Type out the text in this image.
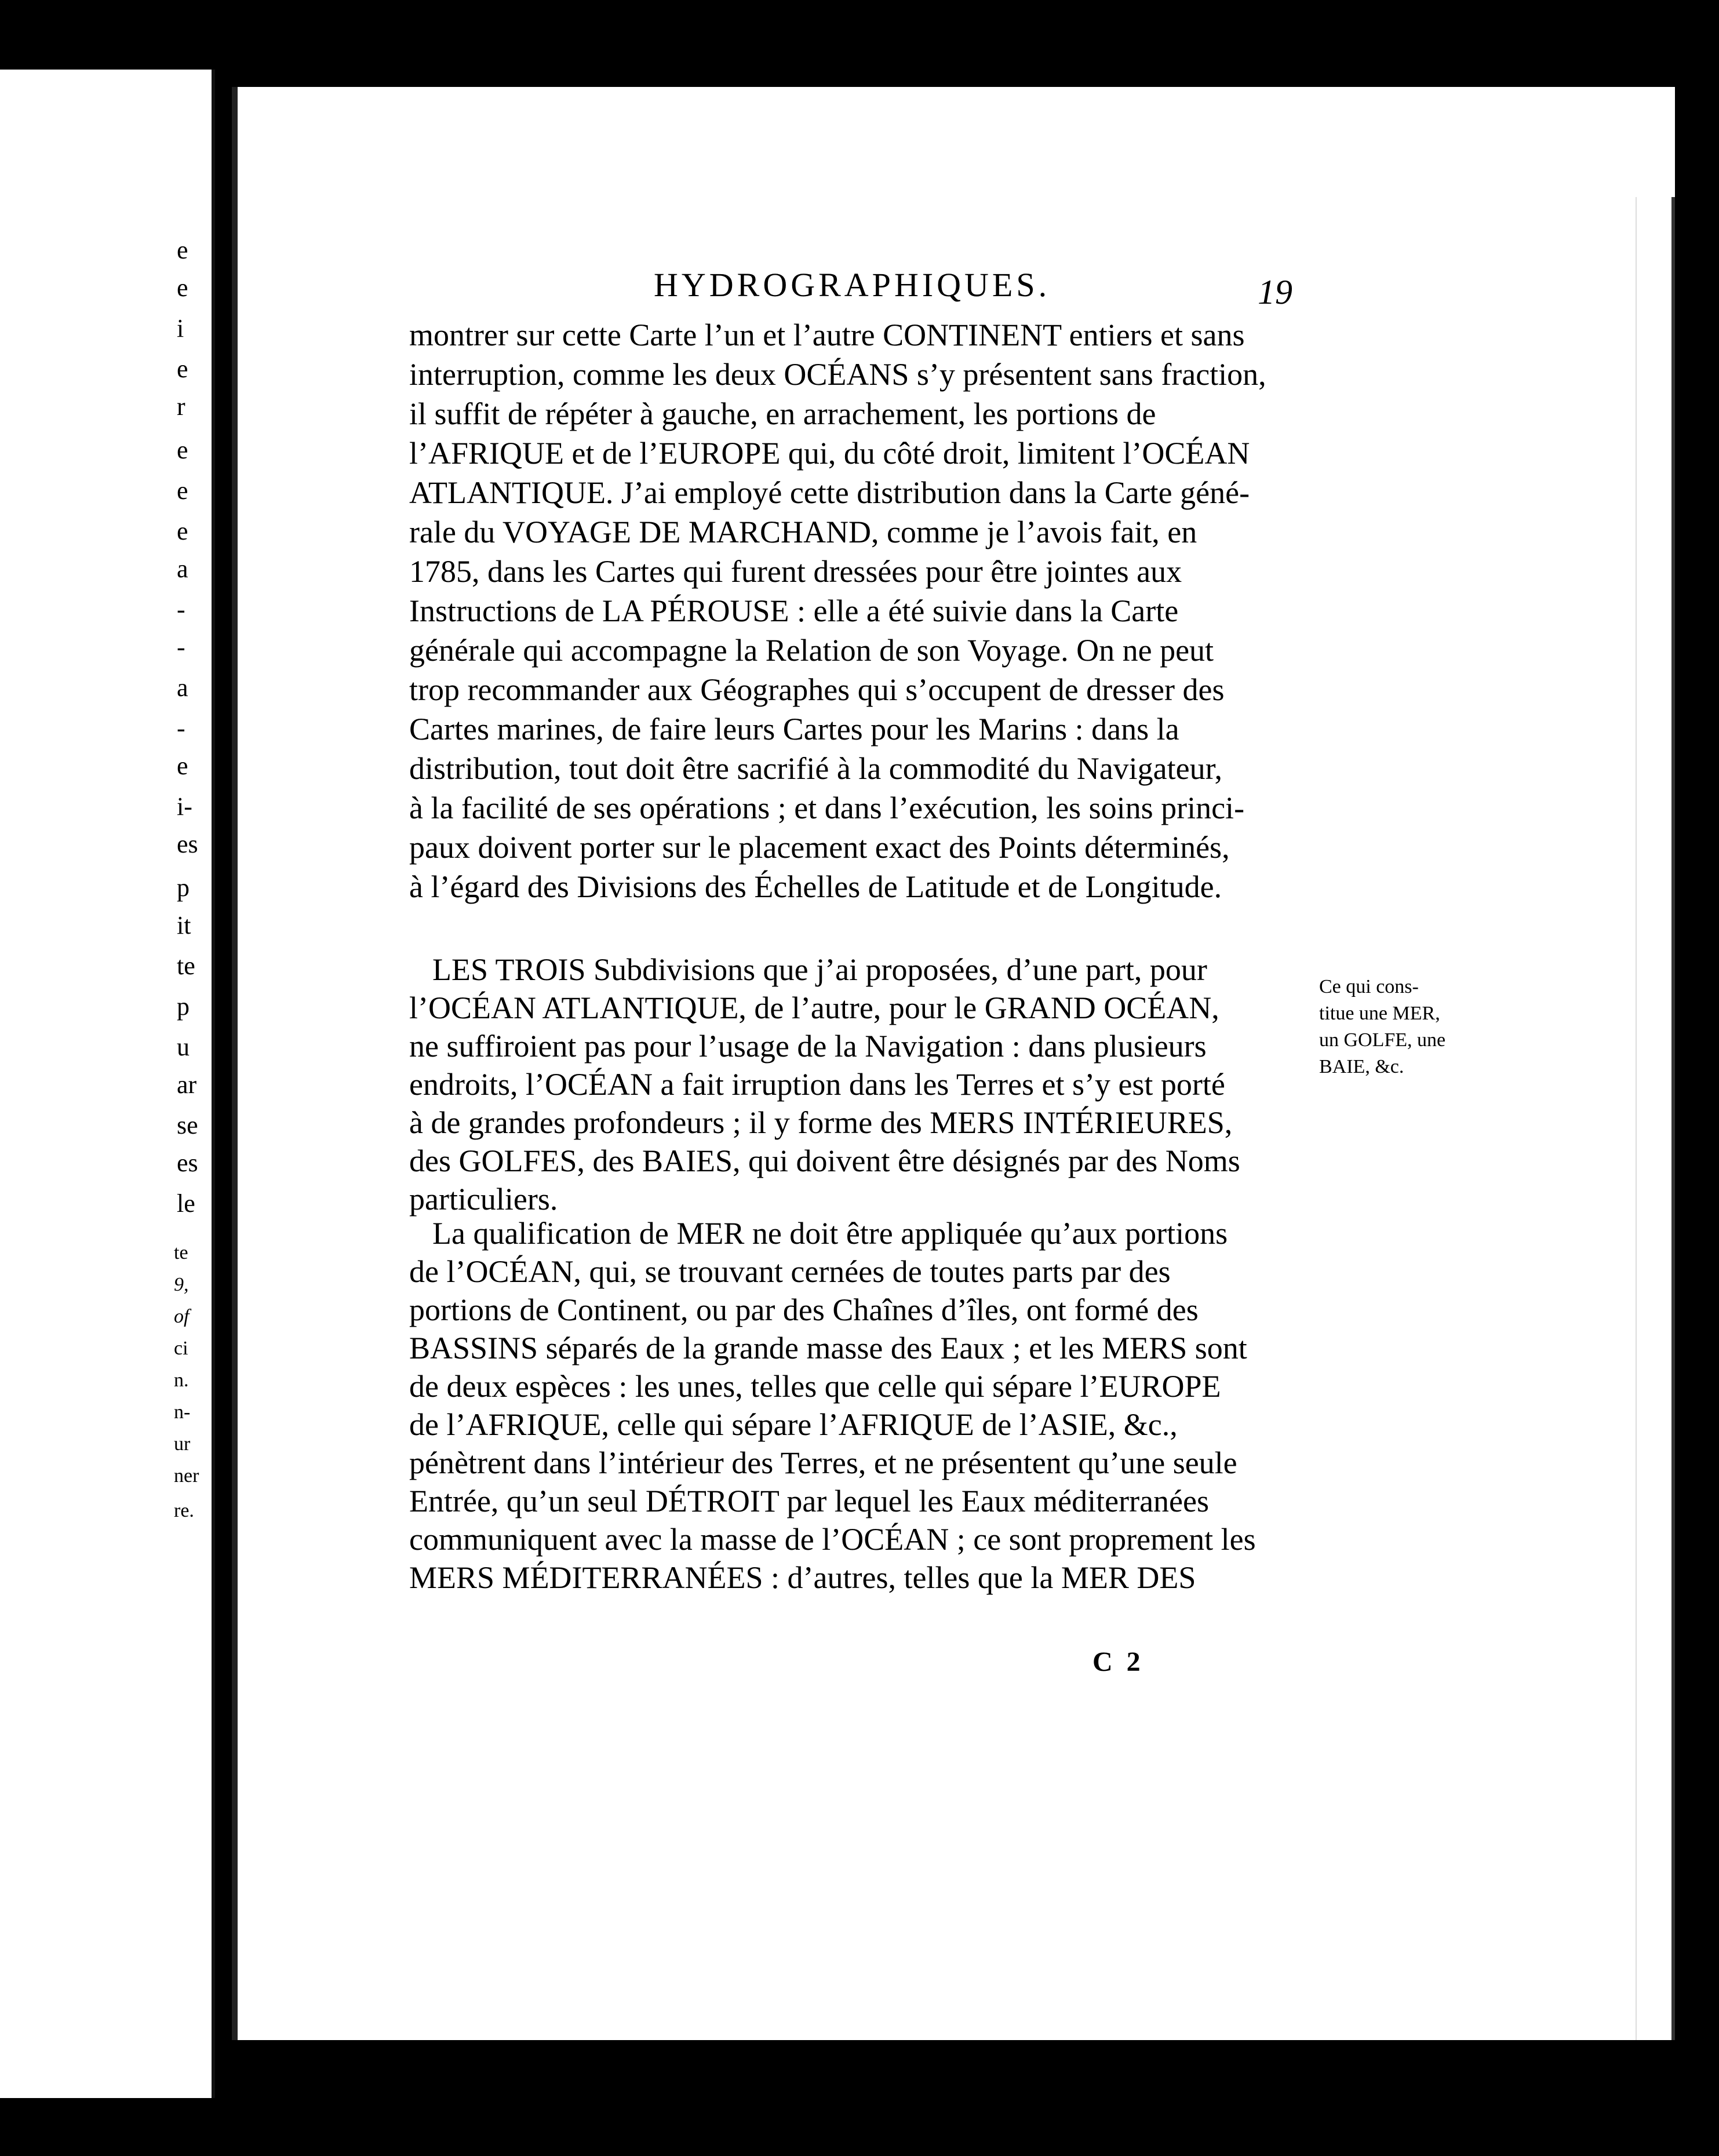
e
e
i
e
r
e
e
e
a
-
-
a
-
e
i-
es
p
it
te
p
u
ar
se
es
le
te
9,
of
ci
n.
n-
ur
ner
re.
HYDROGRAPHIQUES.	19
montrer sur cette Carte l’un et l’autre CONTINENT entiers et sans
interruption, comme les deux OCÉANS s’y présentent sans fraction,
il suffit de répéter à gauche, en arrachement, les portions de
l’AFRIQUE et de l’EUROPE qui, du côté droit, limitent l’OCÉAN
ATLANTIQUE. J’ai employé cette distribution dans la Carte géné-
rale du VOYAGE DE MARCHAND, comme je l’avois fait, en
1785, dans les Cartes qui furent dressées pour être jointes aux
Instructions de LA PÉROUSE : elle a été suivie dans la Carte
générale qui accompagne la Relation de son Voyage. On ne peut
trop recommander aux Géographes qui s’occupent de dresser des
Cartes marines, de faire leurs Cartes pour les Marins : dans la
distribution, tout doit être sacrifié à la commodité du Navigateur,
à la facilité de ses opérations ; et dans l’exécution, les soins princi-
paux doivent porter sur le placement exact des Points déterminés,
à l’égard des Divisions des Échelles de Latitude et de Longitude.
LES TROIS Subdivisions que j’ai proposées, d’une part, pour
l’OCÉAN ATLANTIQUE, de l’autre, pour le GRAND OCÉAN,
ne suffiroient pas pour l’usage de la Navigation : dans plusieurs
endroits, l’OCÉAN a fait irruption dans les Terres et s’y est porté
à de grandes profondeurs ; il y forme des MERS INTÉRIEURES,
des GOLFES, des BAIES, qui doivent être désignés par des Noms
particuliers.
La qualification de MER ne doit être appliquée qu’aux portions
de l’OCÉAN, qui, se trouvant cernées de toutes parts par des
portions de Continent, ou par des Chaînes d’îles, ont formé des
BASSINS séparés de la grande masse des Eaux ; et les MERS sont
de deux espèces : les unes, telles que celle qui sépare l’EUROPE
de l’AFRIQUE, celle qui sépare l’AFRIQUE de l’ASIE, &c.,
pénètrent dans l’intérieur des Terres, et ne présentent qu’une seule
Entrée, qu’un seul DÉTROIT par lequel les Eaux méditerranées
communiquent avec la masse de l’OCÉAN ; ce sont proprement les
MERS MÉDITERRANÉES : d’autres, telles que la MER DES
Ce qui cons-
titue une MER,
un GOLFE, une
BAIE, &c.
C 2
